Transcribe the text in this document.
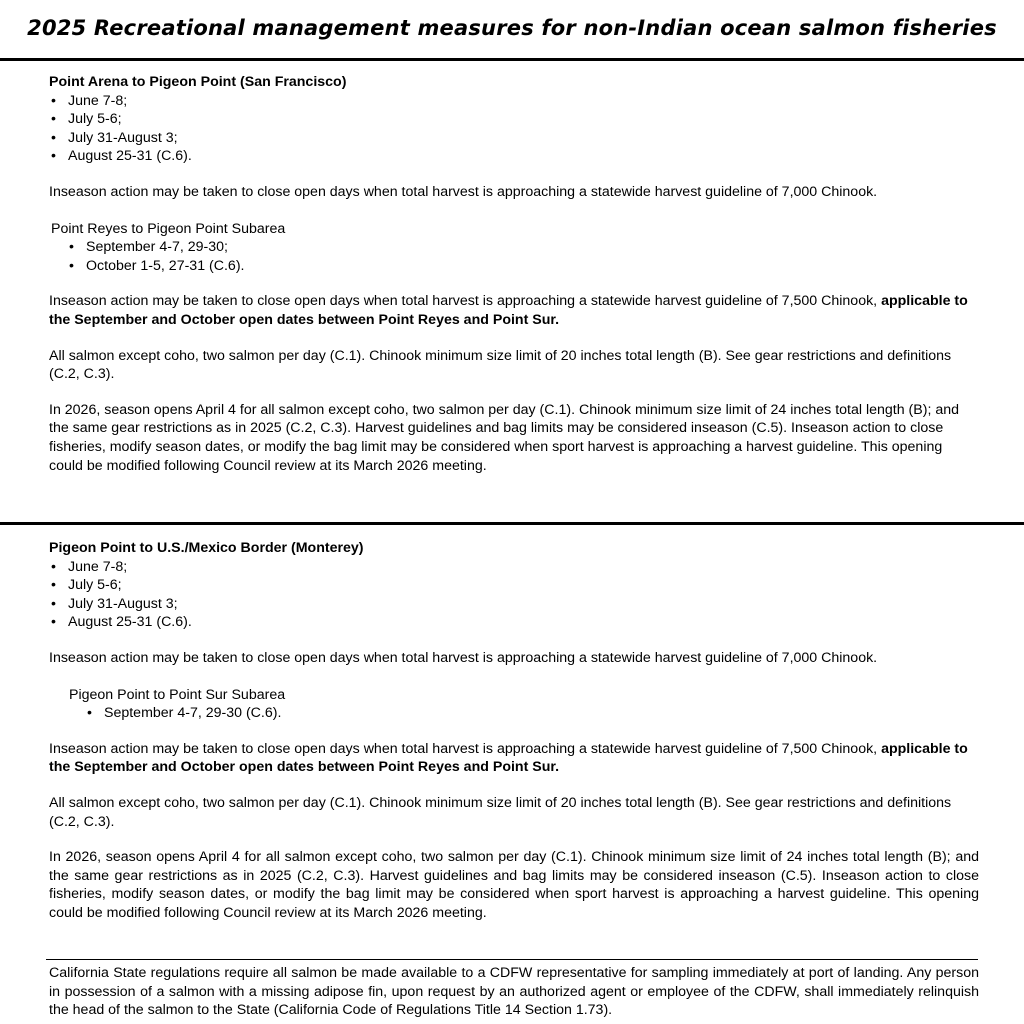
2025 Recreational management measures for non-Indian ocean salmon fisheries
Point Arena to Pigeon Point (San Francisco)
• June 7-8;
• July 5-6;
• July 31-August 3;
• August 25-31 (C.6).

Inseason action may be taken to close open days when total harvest is approaching a statewide harvest guideline of 7,000 Chinook.

Point Reyes to Pigeon Point Subarea
• September 4-7, 29-30;
• October 1-5, 27-31 (C.6).

Inseason action may be taken to close open days when total harvest is approaching a statewide harvest guideline of 7,500 Chinook, applicable to the September and October open dates between Point Reyes and Point Sur.

All salmon except coho, two salmon per day (C.1). Chinook minimum size limit of 20 inches total length (B). See gear restrictions and definitions (C.2, C.3).

In 2026, season opens April 4 for all salmon except coho, two salmon per day (C.1). Chinook minimum size limit of 24 inches total length (B); and the same gear restrictions as in 2025 (C.2, C.3). Harvest guidelines and bag limits may be considered inseason (C.5). Inseason action to close fisheries, modify season dates, or modify the bag limit may be considered when sport harvest is approaching a harvest guideline. This opening could be modified following Council review at its March 2026 meeting.

Pigeon Point to U.S./Mexico Border (Monterey)
• June 7-8;
• July 5-6;
• July 31-August 3;
• August 25-31 (C.6).

Inseason action may be taken to close open days when total harvest is approaching a statewide harvest guideline of 7,000 Chinook.

Pigeon Point to Point Sur Subarea
• September 4-7, 29-30 (C.6).

Inseason action may be taken to close open days when total harvest is approaching a statewide harvest guideline of 7,500 Chinook, applicable to the September and October open dates between Point Reyes and Point Sur.

All salmon except coho, two salmon per day (C.1). Chinook minimum size limit of 20 inches total length (B). See gear restrictions and definitions (C.2, C.3).

In 2026, season opens April 4 for all salmon except coho, two salmon per day (C.1). Chinook minimum size limit of 24 inches total length (B); and the same gear restrictions as in 2025 (C.2, C.3). Harvest guidelines and bag limits may be considered inseason (C.5). Inseason action to close fisheries, modify season dates, or modify the bag limit may be considered when sport harvest is approaching a harvest guideline. This opening could be modified following Council review at its March 2026 meeting.

California State regulations require all salmon be made available to a CDFW representative for sampling immediately at port of landing. Any person in possession of a salmon with a missing adipose fin, upon request by an authorized agent or employee of the CDFW, shall immediately relinquish the head of the salmon to the State (California Code of Regulations Title 14 Section 1.73).
